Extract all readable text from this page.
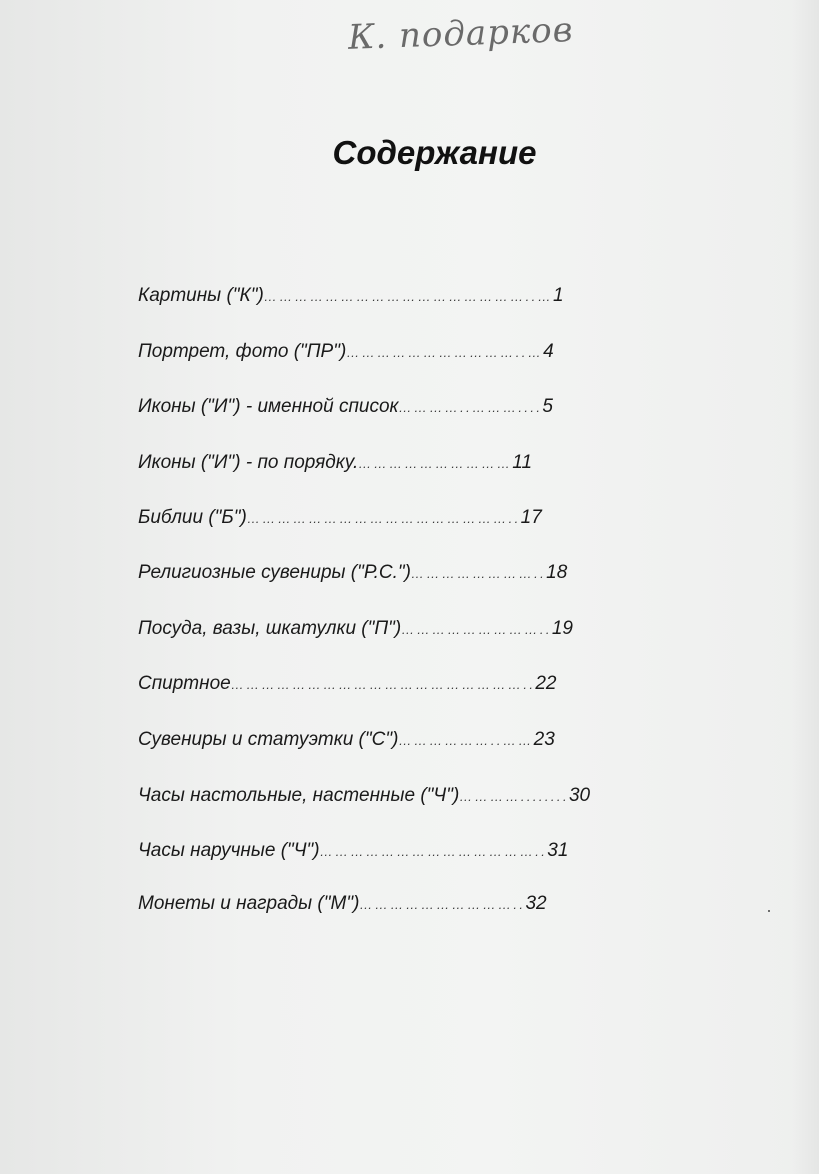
К. подарков
Содержание
Картины ("К")……………………………………………..…1
Портрет, фото ("ПР")……………………………..…4
Иконы ("И") - именной список…………..………....5
Иконы ("И") - по порядку.…………………………11
Библии ("Б")……………………………………………..17
Религиозные сувениры ("Р.С.")……………………..18
Посуда, вазы, шкатулки ("П")………………………..19
Спиртное…………………………………………………..22
Сувениры и статуэтки ("С")………………..……23
Часы настольные, настенные ("Ч")…………........30
Часы наручные ("Ч")……………………………………..31
Монеты и награды ("М")…………………………..32
